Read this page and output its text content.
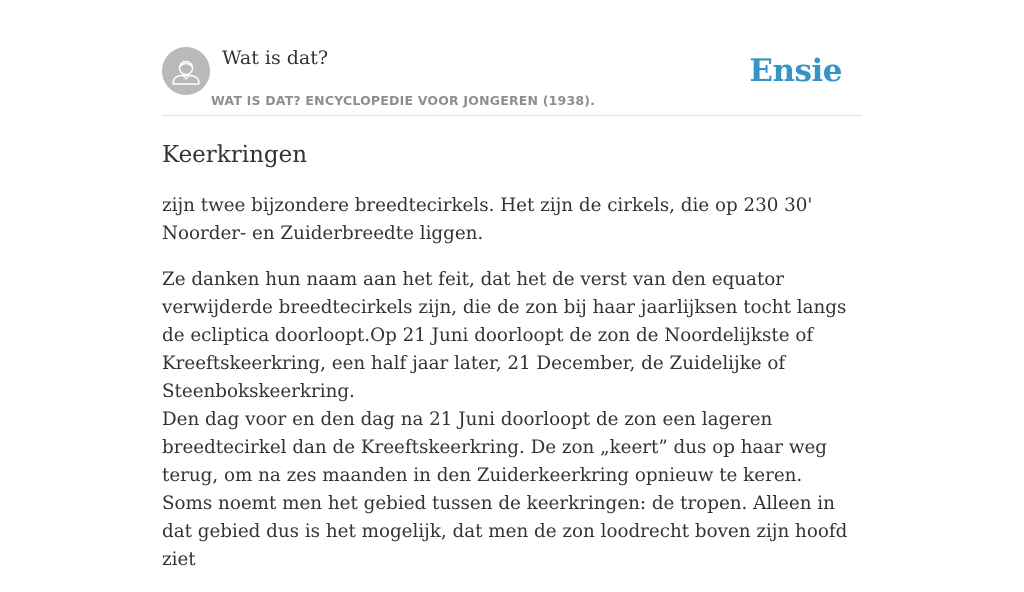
Wat is dat?
WAT IS DAT? ENCYCLOPEDIE VOOR JONGEREN (1938).
Ensie
Keerkringen

zijn twee bijzondere breedtecirkels. Het zijn de cirkels, die op 230 30' Noorder- en Zuiderbreedte liggen.

Ze danken hun naam aan het feit, dat het de verst van den equator verwijderde breedtecirkels zijn, die de zon bij haar jaarlijksen tocht langs de ecliptica doorloopt.Op 21 Juni doorloopt de zon de Noordelijkste of Kreeftskeerkring, een half jaar later, 21 December, de Zuidelijke of Steenbokskeerkring.
Den dag voor en den dag na 21 Juni doorloopt de zon een lageren breedtecirkel dan de Kreeftskeerkring. De zon „keert” dus op haar weg terug, om na zes maanden in den Zuiderkeerkring opnieuw te keren.
Soms noemt men het gebied tussen de keerkringen: de tropen. Alleen in dat gebied dus is het mogelijk, dat men de zon loodrecht boven zijn hoofd ziet
